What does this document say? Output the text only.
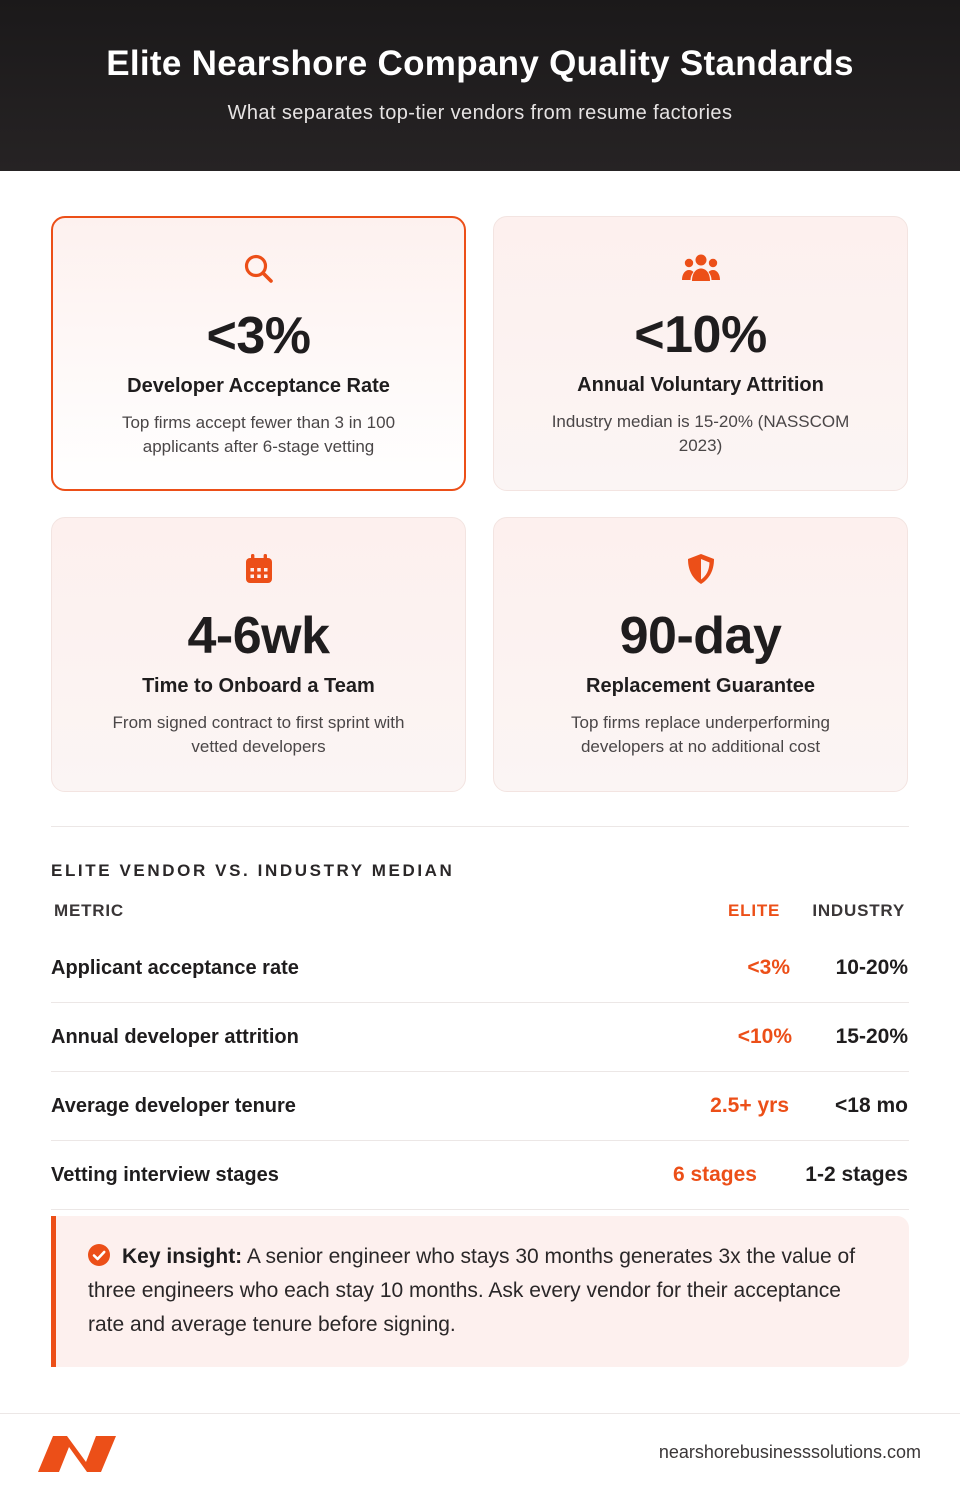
Elite Nearshore Company Quality Standards

What separates top-tier vendors from resume factories

<3%
Developer Acceptance Rate
Top firms accept fewer than 3 in 100 applicants after 6-stage vetting
<10%
Annual Voluntary Attrition
Industry median is 15-20% (NASSCOM 2023)
4-6wk
Time to Onboard a Team
From signed contract to first sprint with vetted developers
90-day
Replacement Guarantee
Top firms replace underperforming developers at no additional cost
ELITE VENDOR VS. INDUSTRY MEDIAN
METRIC	ELITE INDUSTRY
Applicant acceptance rate	<3% 10-20%
Annual developer attrition	<10% 15-20%
Average developer tenure	2.5+ yrs <18 mo
Vetting interview stages	6 stages 1-2 stages
Key insight: A senior engineer who stays 30 months generates 3x the value of three engineers who each stay 10 months. Ask every vendor for their acceptance rate and average tenure before signing.
nearshorebusinesssolutions.com
